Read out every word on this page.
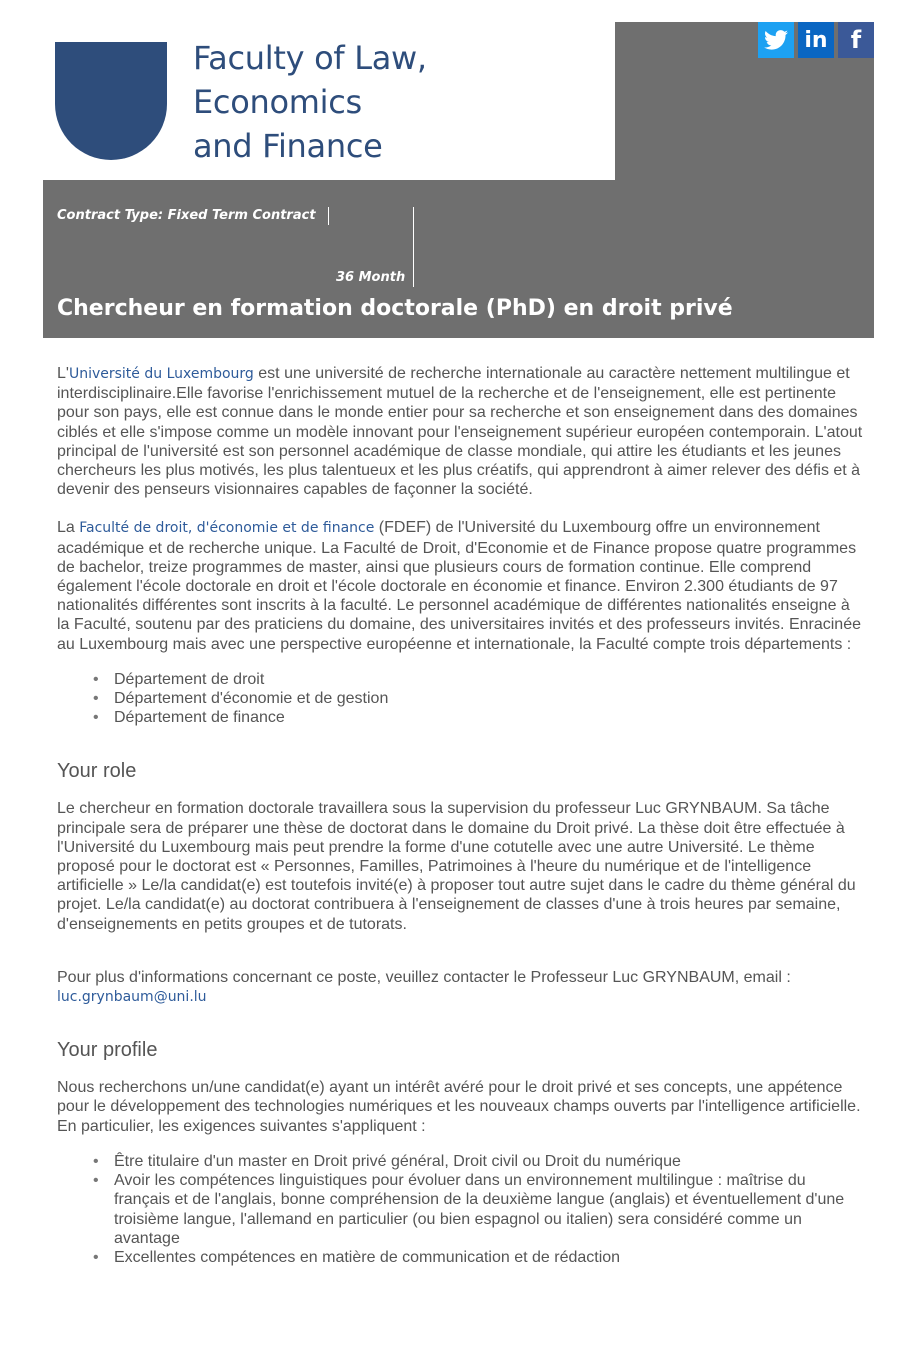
Faculty of Law,
Economics
and Finance
in f
Contract Type: Fixed Term Contract
36 Month
Chercheur en formation doctorale (PhD) en droit privé

L'Université du Luxembourg est une université de recherche internationale au caractère nettement multilingue et interdisciplinaire.Elle favorise l'enrichissement mutuel de la recherche et de l'enseignement, elle est pertinente pour son pays, elle est connue dans le monde entier pour sa recherche et son enseignement dans des domaines ciblés et elle s'impose comme un modèle innovant pour l'enseignement supérieur européen contemporain. L'atout principal de l'université est son personnel académique de classe mondiale, qui attire les étudiants et les jeunes chercheurs les plus motivés, les plus talentueux et les plus créatifs, qui apprendront à aimer relever des défis et à devenir des penseurs visionnaires capables de façonner la société.

La Faculté de droit, d'économie et de finance (FDEF) de l'Université du Luxembourg offre un environnement académique et de recherche unique. La Faculté de Droit, d'Economie et de Finance propose quatre programmes de bachelor, treize programmes de master, ainsi que plusieurs cours de formation continue. Elle comprend également l'école doctorale en droit et l'école doctorale en économie et finance. Environ 2.300 étudiants de 97 nationalités différentes sont inscrits à la faculté. Le personnel académique de différentes nationalités enseigne à la Faculté, soutenu par des praticiens du domaine, des universitaires invités et des professeurs invités. Enracinée au Luxembourg mais avec une perspective européenne et internationale, la Faculté compte trois départements :

• Département de droit
• Département d'économie et de gestion
• Département de finance
Your role

Le chercheur en formation doctorale travaillera sous la supervision du professeur Luc GRYNBAUM. Sa tâche principale sera de préparer une thèse de doctorat dans le domaine du Droit privé. La thèse doit être effectuée à l'Université du Luxembourg mais peut prendre la forme d'une cotutelle avec une autre Université. Le thème proposé pour le doctorat est « Personnes, Familles, Patrimoines à l'heure du numérique et de l'intelligence artificielle » Le/la candidat(e) est toutefois invité(e) à proposer tout autre sujet dans le cadre du thème général du projet. Le/la candidat(e) au doctorat contribuera à l'enseignement de classes d'une à trois heures par semaine, d'enseignements en petits groupes et de tutorats.

Pour plus d'informations concernant ce poste, veuillez contacter le Professeur Luc GRYNBAUM, email :
luc.grynbaum@uni.lu

Your profile

Nous recherchons un/une candidat(e) ayant un intérêt avéré pour le droit privé et ses concepts, une appétence pour le développement des technologies numériques et les nouveaux champs ouverts par l'intelligence artificielle. En particulier, les exigences suivantes s'appliquent :

• Être titulaire d'un master en Droit privé général, Droit civil ou Droit du numérique
• Avoir les compétences linguistiques pour évoluer dans un environnement multilingue : maîtrise du français et de l'anglais, bonne compréhension de la deuxième langue (anglais) et éventuellement d'une troisième langue, l'allemand en particulier (ou bien espagnol ou italien) sera considéré comme un avantage
• Excellentes compétences en matière de communication et de rédaction
